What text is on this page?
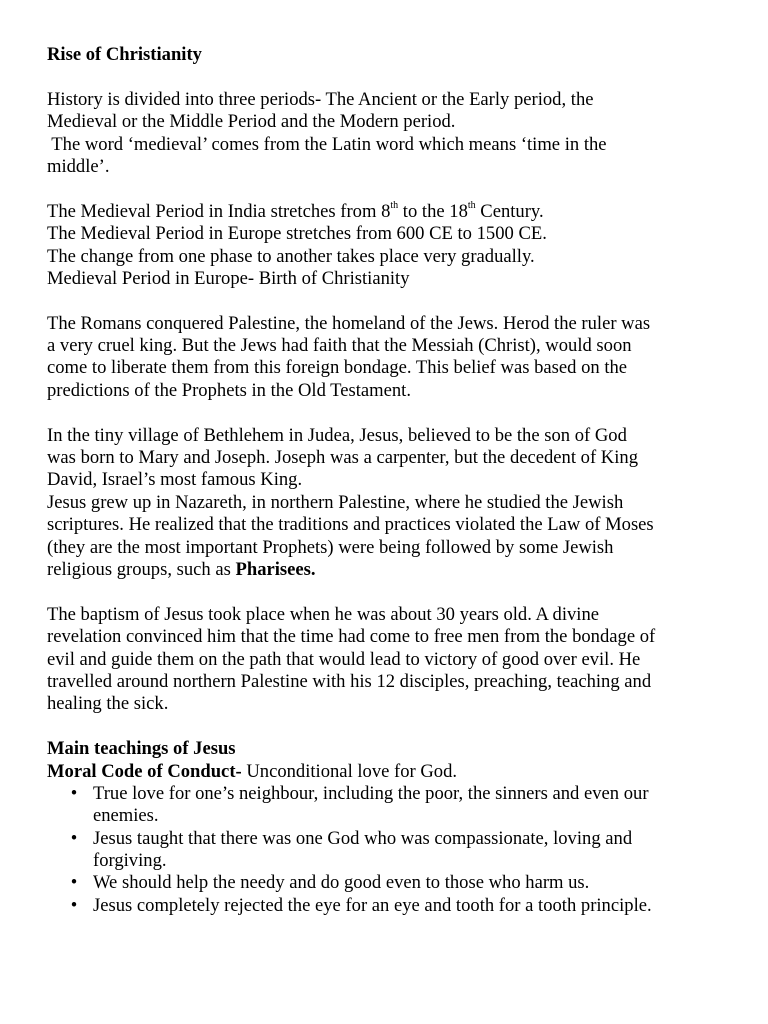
Rise of Christianity
History is divided into three periods- The Ancient or the Early period, the
Medieval or the Middle Period and the Modern period.
The word ‘medieval’ comes from the Latin word which means ‘time in the
middle’.
The Medieval Period in India stretches from 8th to the 18th Century.
The Medieval Period in Europe stretches from 600 CE to 1500 CE.
The change from one phase to another takes place very gradually.
Medieval Period in Europe- Birth of Christianity
The Romans conquered Palestine, the homeland of the Jews. Herod the ruler was
a very cruel king. But the Jews had faith that the Messiah (Christ), would soon
come to liberate them from this foreign bondage. This belief was based on the
predictions of the Prophets in the Old Testament.
In the tiny village of Bethlehem in Judea, Jesus, believed to be the son of God
was born to Mary and Joseph. Joseph was a carpenter, but the decedent of King
David, Israel’s most famous King.
Jesus grew up in Nazareth, in northern Palestine, where he studied the Jewish
scriptures. He realized that the traditions and practices violated the Law of Moses
(they are the most important Prophets) were being followed by some Jewish
religious groups, such as Pharisees.
The baptism of Jesus took place when he was about 30 years old. A divine
revelation convinced him that the time had come to free men from the bondage of
evil and guide them on the path that would lead to victory of good over evil. He
travelled around northern Palestine with his 12 disciples, preaching, teaching and
healing the sick.
Main teachings of Jesus
Moral Code of Conduct- Unconditional love for God.
• True love for one’s neighbour, including the poor, the sinners and even our
enemies.
• Jesus taught that there was one God who was compassionate, loving and
forgiving.
• We should help the needy and do good even to those who harm us.
• Jesus completely rejected the eye for an eye and tooth for a tooth principle.
